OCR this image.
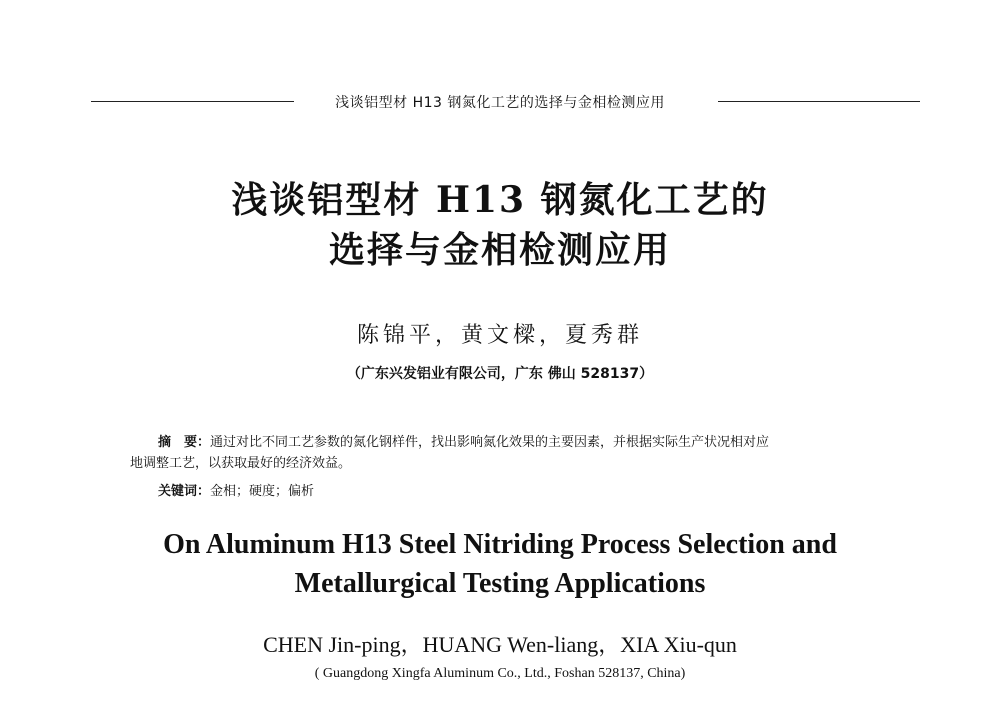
浅谈铝型材 H13 钢氮化工艺的选择与金相检测应用
浅谈铝型材 H13 钢氮化工艺的
选择与金相检测应用
陈锦平，黄文樑，夏秀群
（广东兴发铝业有限公司，广东 佛山 528137）
摘　要：通过对比不同工艺参数的氮化钢样件，找出影响氮化效果的主要因素，并根据实际生产状况相对应
地调整工艺，以获取最好的经济效益。
关键词：金相；硬度；偏析
On Aluminum H13 Steel Nitriding Process Selection and
Metallurgical Testing Applications
CHEN Jin-ping，HUANG Wen-liang，XIA Xiu-qun
( Guangdong Xingfa Aluminum Co., Ltd., Foshan 528137, China)
